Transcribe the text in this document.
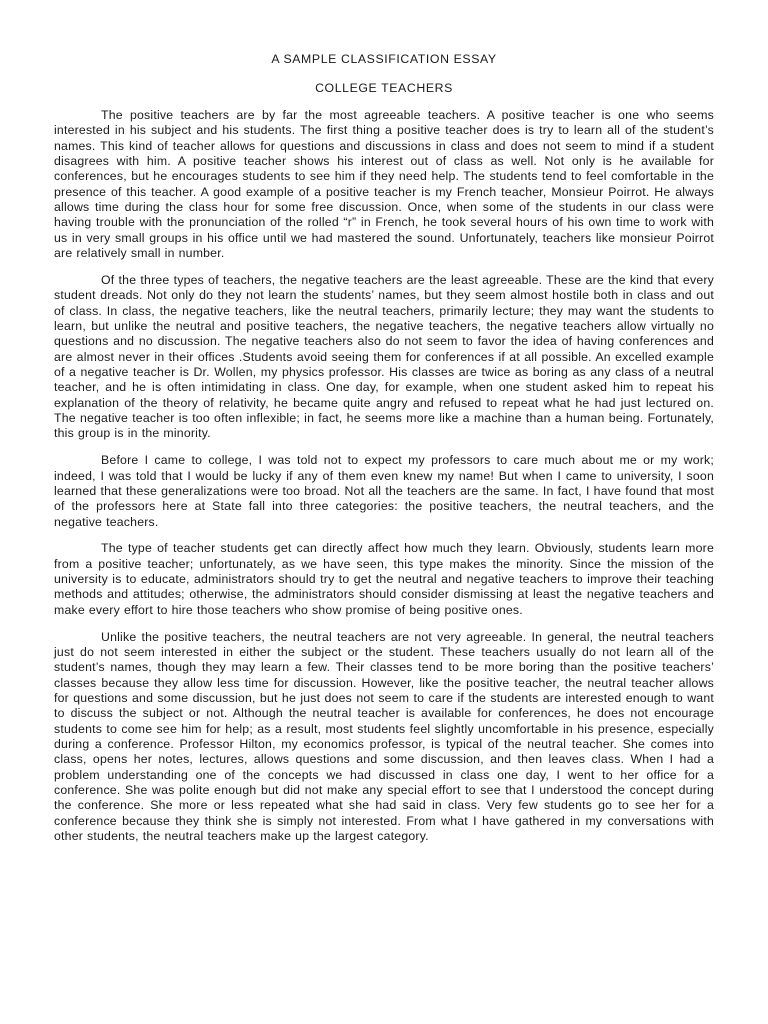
A SAMPLE CLASSIFICATION ESSAY
COLLEGE TEACHERS

The positive teachers are by far the most agreeable teachers. A positive teacher is one who seems interested in his subject and his students. The first thing a positive teacher does is try to learn all of the student’s names. This kind of teacher allows for questions and discussions in class and does not seem to mind if a student disagrees with him. A positive teacher shows his interest out of class as well. Not only is he available for conferences, but he encourages students to see him if they need help. The students tend to feel comfortable in the presence of this teacher. A good example of a positive teacher is my French teacher, Monsieur Poirrot. He always allows time during the class hour for some free discussion. Once, when some of the students in our class were having trouble with the pronunciation of the rolled “r” in French, he took several hours of his own time to work with us in very small groups in his office until we had mastered the sound. Unfortunately, teachers like monsieur Poirrot are relatively small in number.

Of the three types of teachers, the negative teachers are the least agreeable. These are the kind that every student dreads. Not only do they not learn the students’ names, but they seem almost hostile both in class and out of class. In class, the negative teachers, like the neutral teachers, primarily lecture; they may want the students to learn, but unlike the neutral and positive teachers, the negative teachers, the negative teachers allow virtually no questions and no discussion. The negative teachers also do not seem to favor the idea of having conferences and are almost never in their offices .Students avoid seeing them for conferences if at all possible. An excelled example of a negative teacher is Dr. Wollen, my physics professor. His classes are twice as boring as any class of a neutral teacher, and he is often intimidating in class. One day, for example, when one student asked him to repeat his explanation of the theory of relativity, he became quite angry and refused to repeat what he had just lectured on. The negative teacher is too often inflexible; in fact, he seems more like a machine than a human being. Fortunately, this group is in the minority.

Before I came to college, I was told not to expect my professors to care much about me or my work; indeed, I was told that I would be lucky if any of them even knew my name! But when I came to university, I soon learned that these generalizations were too broad. Not all the teachers are the same. In fact, I have found that most of the professors here at State fall into three categories: the positive teachers, the neutral teachers, and the negative teachers.

The type of teacher students get can directly affect how much they learn. Obviously, students learn more from a positive teacher; unfortunately, as we have seen, this type makes the minority. Since the mission of the university is to educate, administrators should try to get the neutral and negative teachers to improve their teaching methods and attitudes; otherwise, the administrators should consider dismissing at least the negative teachers and make every effort to hire those teachers who show promise of being positive ones.

Unlike the positive teachers, the neutral teachers are not very agreeable. In general, the neutral teachers just do not seem interested in either the subject or the student. These teachers usually do not learn all of the student’s names, though they may learn a few. Their classes tend to be more boring than the positive teachers’ classes because they allow less time for discussion. However, like the positive teacher, the neutral teacher allows for questions and some discussion, but he just does not seem to care if the students are interested enough to want to discuss the subject or not. Although the neutral teacher is available for conferences, he does not encourage students to come see him for help; as a result, most students feel slightly uncomfortable in his presence, especially during a conference. Professor Hilton, my economics professor, is typical of the neutral teacher. She comes into class, opens her notes, lectures, allows questions and some discussion, and then leaves class. When I had a problem understanding one of the concepts we had discussed in class one day, I went to her office for a conference. She was polite enough but did not make any special effort to see that I understood the concept during the conference. She more or less repeated what she had said in class. Very few students go to see her for a conference because they think she is simply not interested. From what I have gathered in my conversations with other students, the neutral teachers make up the largest category.
